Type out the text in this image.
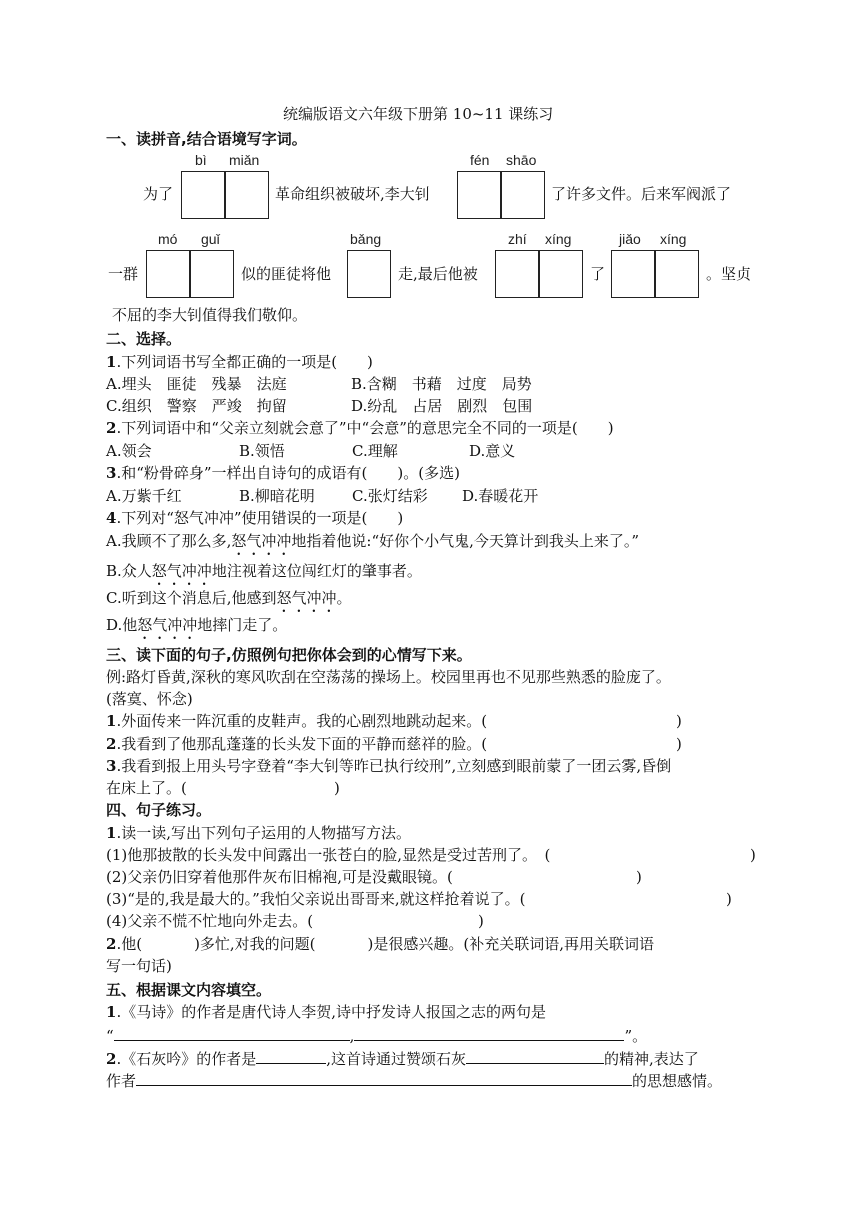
统编版语文六年级下册第 10~11 课练习
一、读拼音,结合语境写字词。
bì miǎn	fén shāo
为了	革命组织被破坏,李大钊	了许多文件。后来军阀派了
mó guǐ	bǎng	zhí xíng	jiǎo xíng
一群	似的匪徒将他	走,最后他被	了	。坚贞
不屈的李大钊值得我们敬仰。
二、选择。
1.下列词语书写全都正确的一项是(　　)
A.埋头　匪徒　残暴　法庭	B.含糊　书藉　过度　局势
C.组织　警察　严竣　拘留	D.纷乱　占居　剧烈　包围
2.下列词语中和“父亲立刻就会意了”中“会意”的意思完全不同的一项是(　　)
A.领会	B.领悟	C.理解	D.意义
3.和“粉骨碎身”一样出自诗句的成语有(　　)。(多选)
A.万紫千红	B.柳暗花明 C.张灯结彩 D.春暖花开
4.下列对“怒气冲冲”使用错误的一项是(　　)
A.我顾不了那么多,怒气冲冲地指着他说:“好你个小气鬼,今天算计到我头上来了。”
B.众人怒气冲冲地注视着这位闯红灯的肇事者。
C.听到这个消息后,他感到怒气冲冲。
D.他怒气冲冲地摔门走了。
三、读下面的句子,仿照例句把你体会到的心情写下来。
例:路灯昏黄,深秋的寒风吹刮在空荡荡的操场上。校园里再也不见那些熟悉的脸庞了。
(落寞、怀念)
1.外面传来一阵沉重的皮鞋声。我的心剧烈地跳动起来。(	)
2.我看到了他那乱蓬蓬的长头发下面的平静而慈祥的脸。(	)
3.我看到报上用头号字登着“李大钊等昨已执行绞刑”,立刻感到眼前蒙了一团云雾,昏倒
在床上了。(	)
四、句子练习。
1.读一读,写出下列句子运用的人物描写方法。
(1)他那披散的长头发中间露出一张苍白的脸,显然是受过苦刑了。　(	)
(2)父亲仍旧穿着他那件灰布旧棉袍,可是没戴眼镜。(	)
(3)“是的,我是最大的。”我怕父亲说出哥哥来,就这样抢着说了。(	)
(4)父亲不慌不忙地向外走去。(	)
2.他(	)多忙,对我的问题(	)是很感兴趣。(补充关联词语,再用关联词语
写一句话)
五、根据课文内容填空。
1.《马诗》的作者是唐代诗人李贺,诗中抒发诗人报国之志的两句是
“	,	”。
2.《石灰吟》的作者是	,这首诗通过赞颂石灰	的精神,表达了
作者	的思想感情。
